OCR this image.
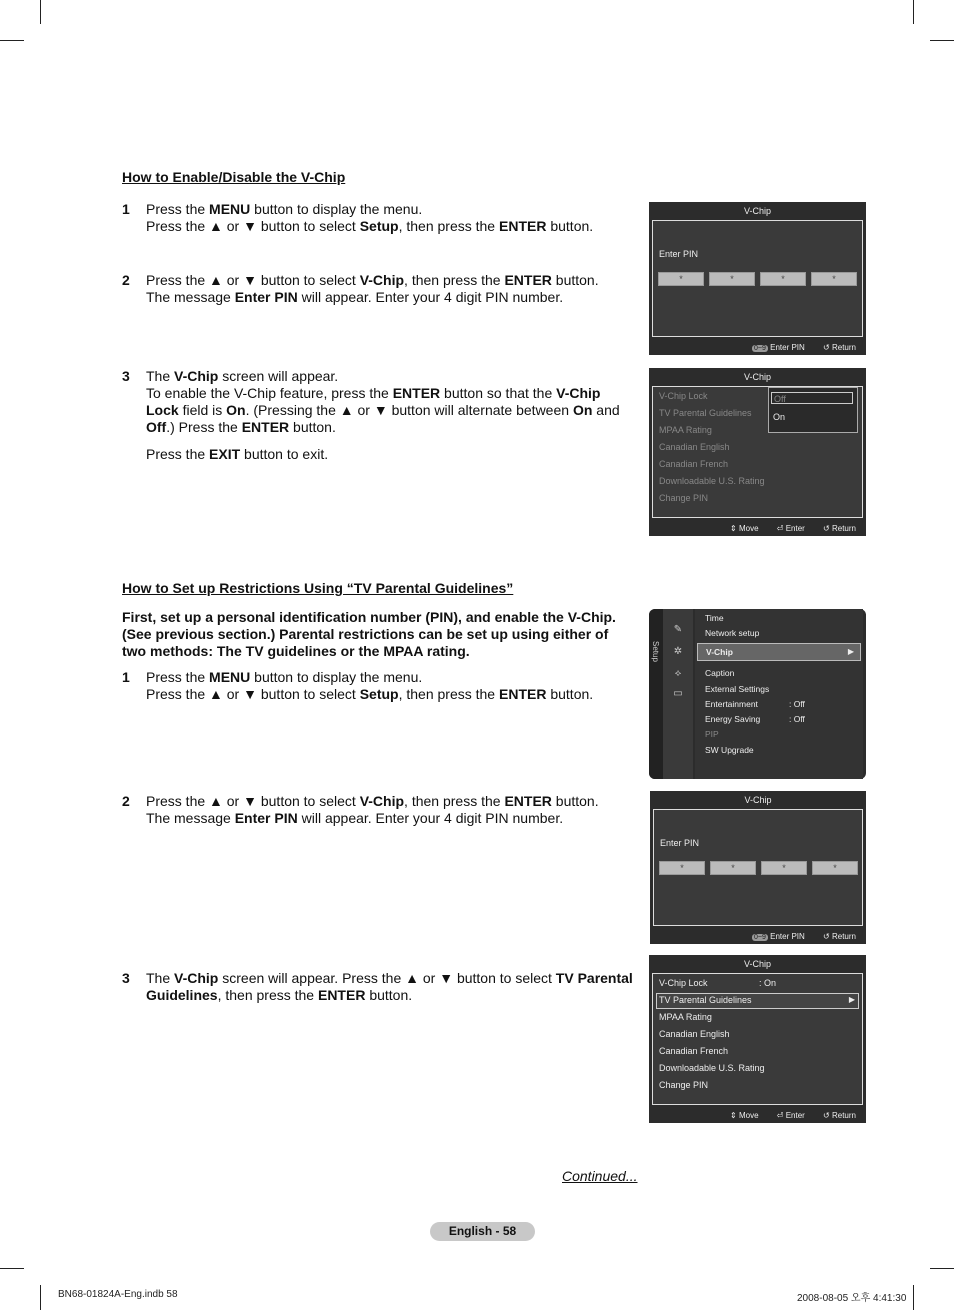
How to Enable/Disable the V-Chip
1 Press the MENU button to display the menu.

Press the ▲ or ▼ button to select Setup, then press the ENTER button.

2 Press the ▲ or ▼ button to select V-Chip, then press the ENTER button.

The message Enter PIN will appear. Enter your 4 digit PIN number.

3 The V-Chip screen will appear.

To enable the V-Chip feature, press the ENTER button so that the V-Chip Lock field is On. (Pressing the ▲ or ▼ button will alternate between On and Off.) Press the ENTER button.

Press the EXIT button to exit.

V-Chip
Enter PIN
*	*	*	*
0~9 Enter PIN ↺ Return
V-Chip
V-Chip Lock
TV Parental Guidelines
MPAA Rating
Canadian English
Canadian French
Downloadable U.S. Rating
Change PIN
Off
On
⇕ Move ⏎ Enter ↺ Return
How to Set up Restrictions Using “TV Parental Guidelines”
First, set up a personal identification number (PIN), and enable the V-Chip. (See previous section.) Parental restrictions can be set up using either of two methods: The TV guidelines or the MPAA rating.
1 Press the MENU button to display the menu.

Press the ▲ or ▼ button to select Setup, then press the ENTER button.

2 Press the ▲ or ▼ button to select V-Chip, then press the ENTER button.

The message Enter PIN will appear. Enter your 4 digit PIN number.

3 The V-Chip screen will appear. Press the ▲ or ▼ button to select TV Parental Guidelines, then press the ENTER button.

Setup
✎
✲
⟡
▭
Time
Network setup
V-Chip	▶
Caption
External Settings
Entertainment	: Off
Energy Saving	: Off
PIP
SW Upgrade
V-Chip
Enter PIN
*	*	*	*
0~9 Enter PIN ↺ Return
V-Chip
V-Chip Lock	: On
TV Parental Guidelines	▶
MPAA Rating
Canadian English
Canadian French
Downloadable U.S. Rating
Change PIN
⇕ Move ⏎ Enter ↺ Return
Continued...
English - 58
BN68-01824A-Eng.indb 58	2008-08-05 오후 4:41:30
